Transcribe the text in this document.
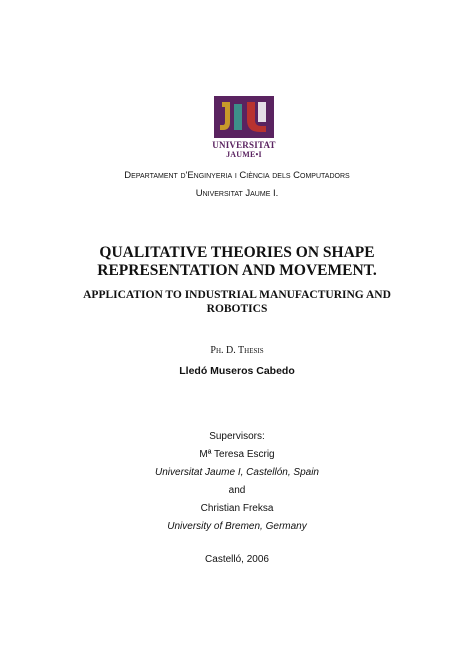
UNIVERSITAT
JAUME•I
Departament d'Enginyeria i Ciència dels Computadors
Universitat Jaume I.
QUALITATIVE THEORIES ON SHAPE
REPRESENTATION AND MOVEMENT.
APPLICATION TO INDUSTRIAL MANUFACTURING AND
ROBOTICS
Ph. D. Thesis
Lledó Museros Cabedo
Supervisors:
Mª Teresa Escrig
Universitat Jaume I, Castellón, Spain
and
Christian Freksa
University of Bremen, Germany
Castelló, 2006
